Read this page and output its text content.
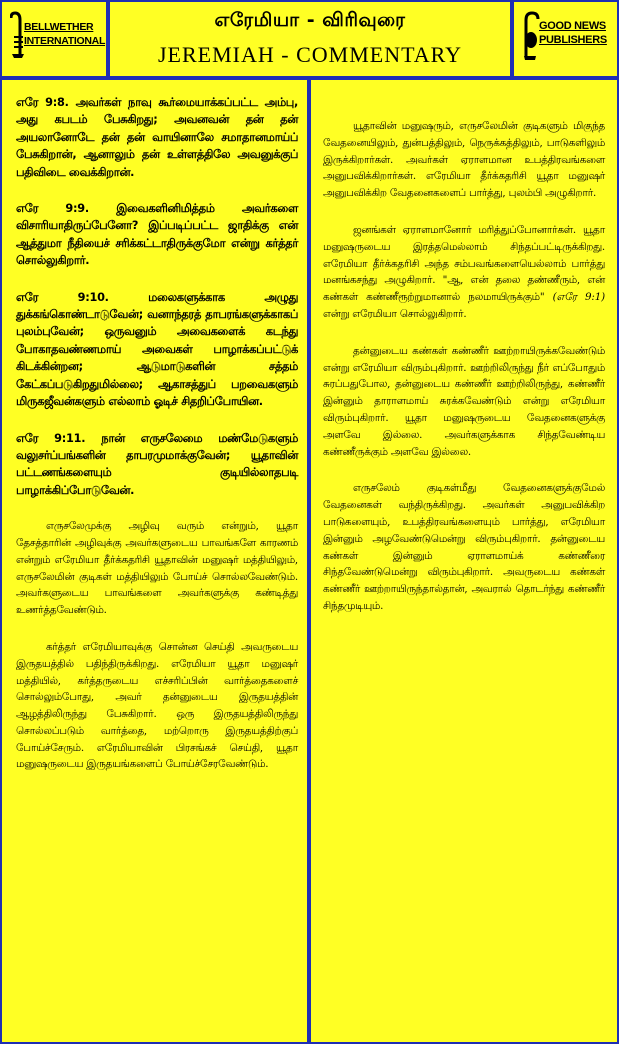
BELLWETHER
INTERNATIONAL
எரேமியா - விரிவுரை
JEREMIAH - COMMENTARY
GOOD NEWS
PUBLISHERS

எரே 9:8. அவர்கள் நாவு கூர்மையாக்கப்பட்ட அம்பு, அது கபடம் பேசுகிறது; அவனவன் தன் தன் அயலானோடே தன் தன் வாயினாலே சமாதானமாய்ப் பேசுகிறான், ஆனாலும் தன் உள்ளத்திலே அவனுக்குப் பதிவிடை வைக்கிறான்.

எரே 9:9. இவைகளினிமித்தம் அவர்களை விசாரியாதிருப்பேனோ? இப்படிப்பட்ட ஜாதிக்கு என் ஆத்துமா நீதியைச் சரிக்கட்டாதிருக்குமோ என்று கர்த்தர் சொல்லுகிறார்.

எரே 9:10. மலைகளுக்காக அழுது துக்கங்கொண்டாடுவேன்; வனாந்தரத் தாபரங்களுக்காகப் புலம்புவேன்; ஒருவனும் அவைகளைக் கடந்து போகாதவண்ணமாய் அவைகள் பாழாக்கப்பட்டுக் கிடக்கின்றன; ஆடுமாடுகளின் சத்தம் கேட்கப்படுகிறதுமில்லை; ஆகாசத்துப் பறவைகளும் மிருகஜீவன்களும் எல்லாம் ஓடிச் சிதறிப்போயின.

எரே 9:11. நான் எருசலேமை மண்மேடுகளும் வலுசர்ப்பங்களின் தாபரமுமாக்குவேன்; யூதாவின் பட்டணங்களையும் குடியில்லாதபடி பாழாக்கிப்போடுவேன்.

எருசலேமுக்கு அழிவு வரும் என்றும், யூதா தேசத்தாரின் அழிவுக்கு அவர்களுடைய பாவங்களே காரணம் என்றும் எரேமியா தீர்க்கதரிசி யூதாவின் மனுஷர் மத்தியிலும், எருசலேமின் குடிகள் மத்தியிலும் போய்ச் சொல்லவேண்டும். அவர்களுடைய பாவங்களை அவர்களுக்கு கண்டித்து உணர்த்தவேண்டும்.

கர்த்தர் எரேமியாவுக்கு சொன்ன செய்தி அவருடைய இருதயத்தில் பதிந்திருக்கிறது. எரேமியா யூதா மனுஷர் மத்தியில், கர்த்தருடைய எச்சரிப்பின் வார்த்தைகளைச் சொல்லும்போது, அவர் தன்னுடைய இருதயத்தின் ஆழத்திலிருந்து பேசுகிறார். ஒரு இருதயத்திலிருந்து சொல்லப்படும் வார்த்தை, மற்றொரு இருதயத்திற்குப் போய்ச்சேரும். எரேமியாவின் பிரசங்கச் செய்தி, யூதா மனுஷருடைய இருதயங்களைப் போய்ச்சேரவேண்டும்.

யூதாவின் மனுஷரும், எருசலேமின் குடிகளும் மிகுந்த வேதனையிலும், துன்பத்திலும், நெருக்கத்திலும், பாடுகளிலும் இருக்கிறார்கள். அவர்கள் ஏராளமான உபத்திரவங்களை அனுபவிக்கிறார்கள். எரேமியா தீர்க்கதரிசி யூதா மனுஷர் அனுபவிக்கிற வேதனைகளைப் பார்த்து, புலம்பி அழுகிறார்.

ஜனங்கள் ஏராளமானோர் மரித்துப்போனார்கள். யூதா மனுஷருடைய இரத்தமெல்லாம் சிந்தப்பட்டிருக்கிறது. எரேமியா தீர்க்கதரிசி அந்த சம்பவங்களையெல்லாம் பார்த்து மனங்கசந்து அழுகிறார். "ஆ, என் தலை தண்ணீரும், என் கண்கள் கண்ணீரூற்றுமானால் நலமாயிருக்கும்" (எரே 9:1) என்று எரேமியா சொல்லுகிறார்.

தன்னுடைய கண்கள் கண்ணீர் ஊற்றாயிருக்கவேண்டும் என்று எரேமியா விரும்புகிறார். ஊற்றிலிருந்து நீர் எப்போதும் சுரப்பதுபோல, தன்னுடைய கண்ணீர் ஊற்றிலிருந்து, கண்ணீர் இன்னும் தாராளமாய் சுரக்கவேண்டும் என்று எரேமியா விரும்புகிறார். யூதா மனுஷருடைய வேதனைகளுக்கு அளவே இல்லை. அவர்களுக்காக சிந்தவேண்டிய கண்ணீருக்கும் அளவே இல்லை.

எருசலேம் குடிகள்மீது வேதனைகளுக்குமேல் வேதனைகள் வந்திருக்கிறது. அவர்கள் அனுபவிக்கிற பாடுகளையும், உபத்திரவங்களையும் பார்த்து, எரேமியா இன்னும் அழவேண்டுமென்று விரும்புகிறார். தன்னுடைய கண்கள் இன்னும் ஏராளமாய்க் கண்ணீரை சிந்தவேண்டுமென்று விரும்புகிறார். அவருடைய கண்கள் கண்ணீர் ஊற்றாயிருந்தால்தான், அவரால் தொடர்ந்து கண்ணீர் சிந்தமுடியும்.
